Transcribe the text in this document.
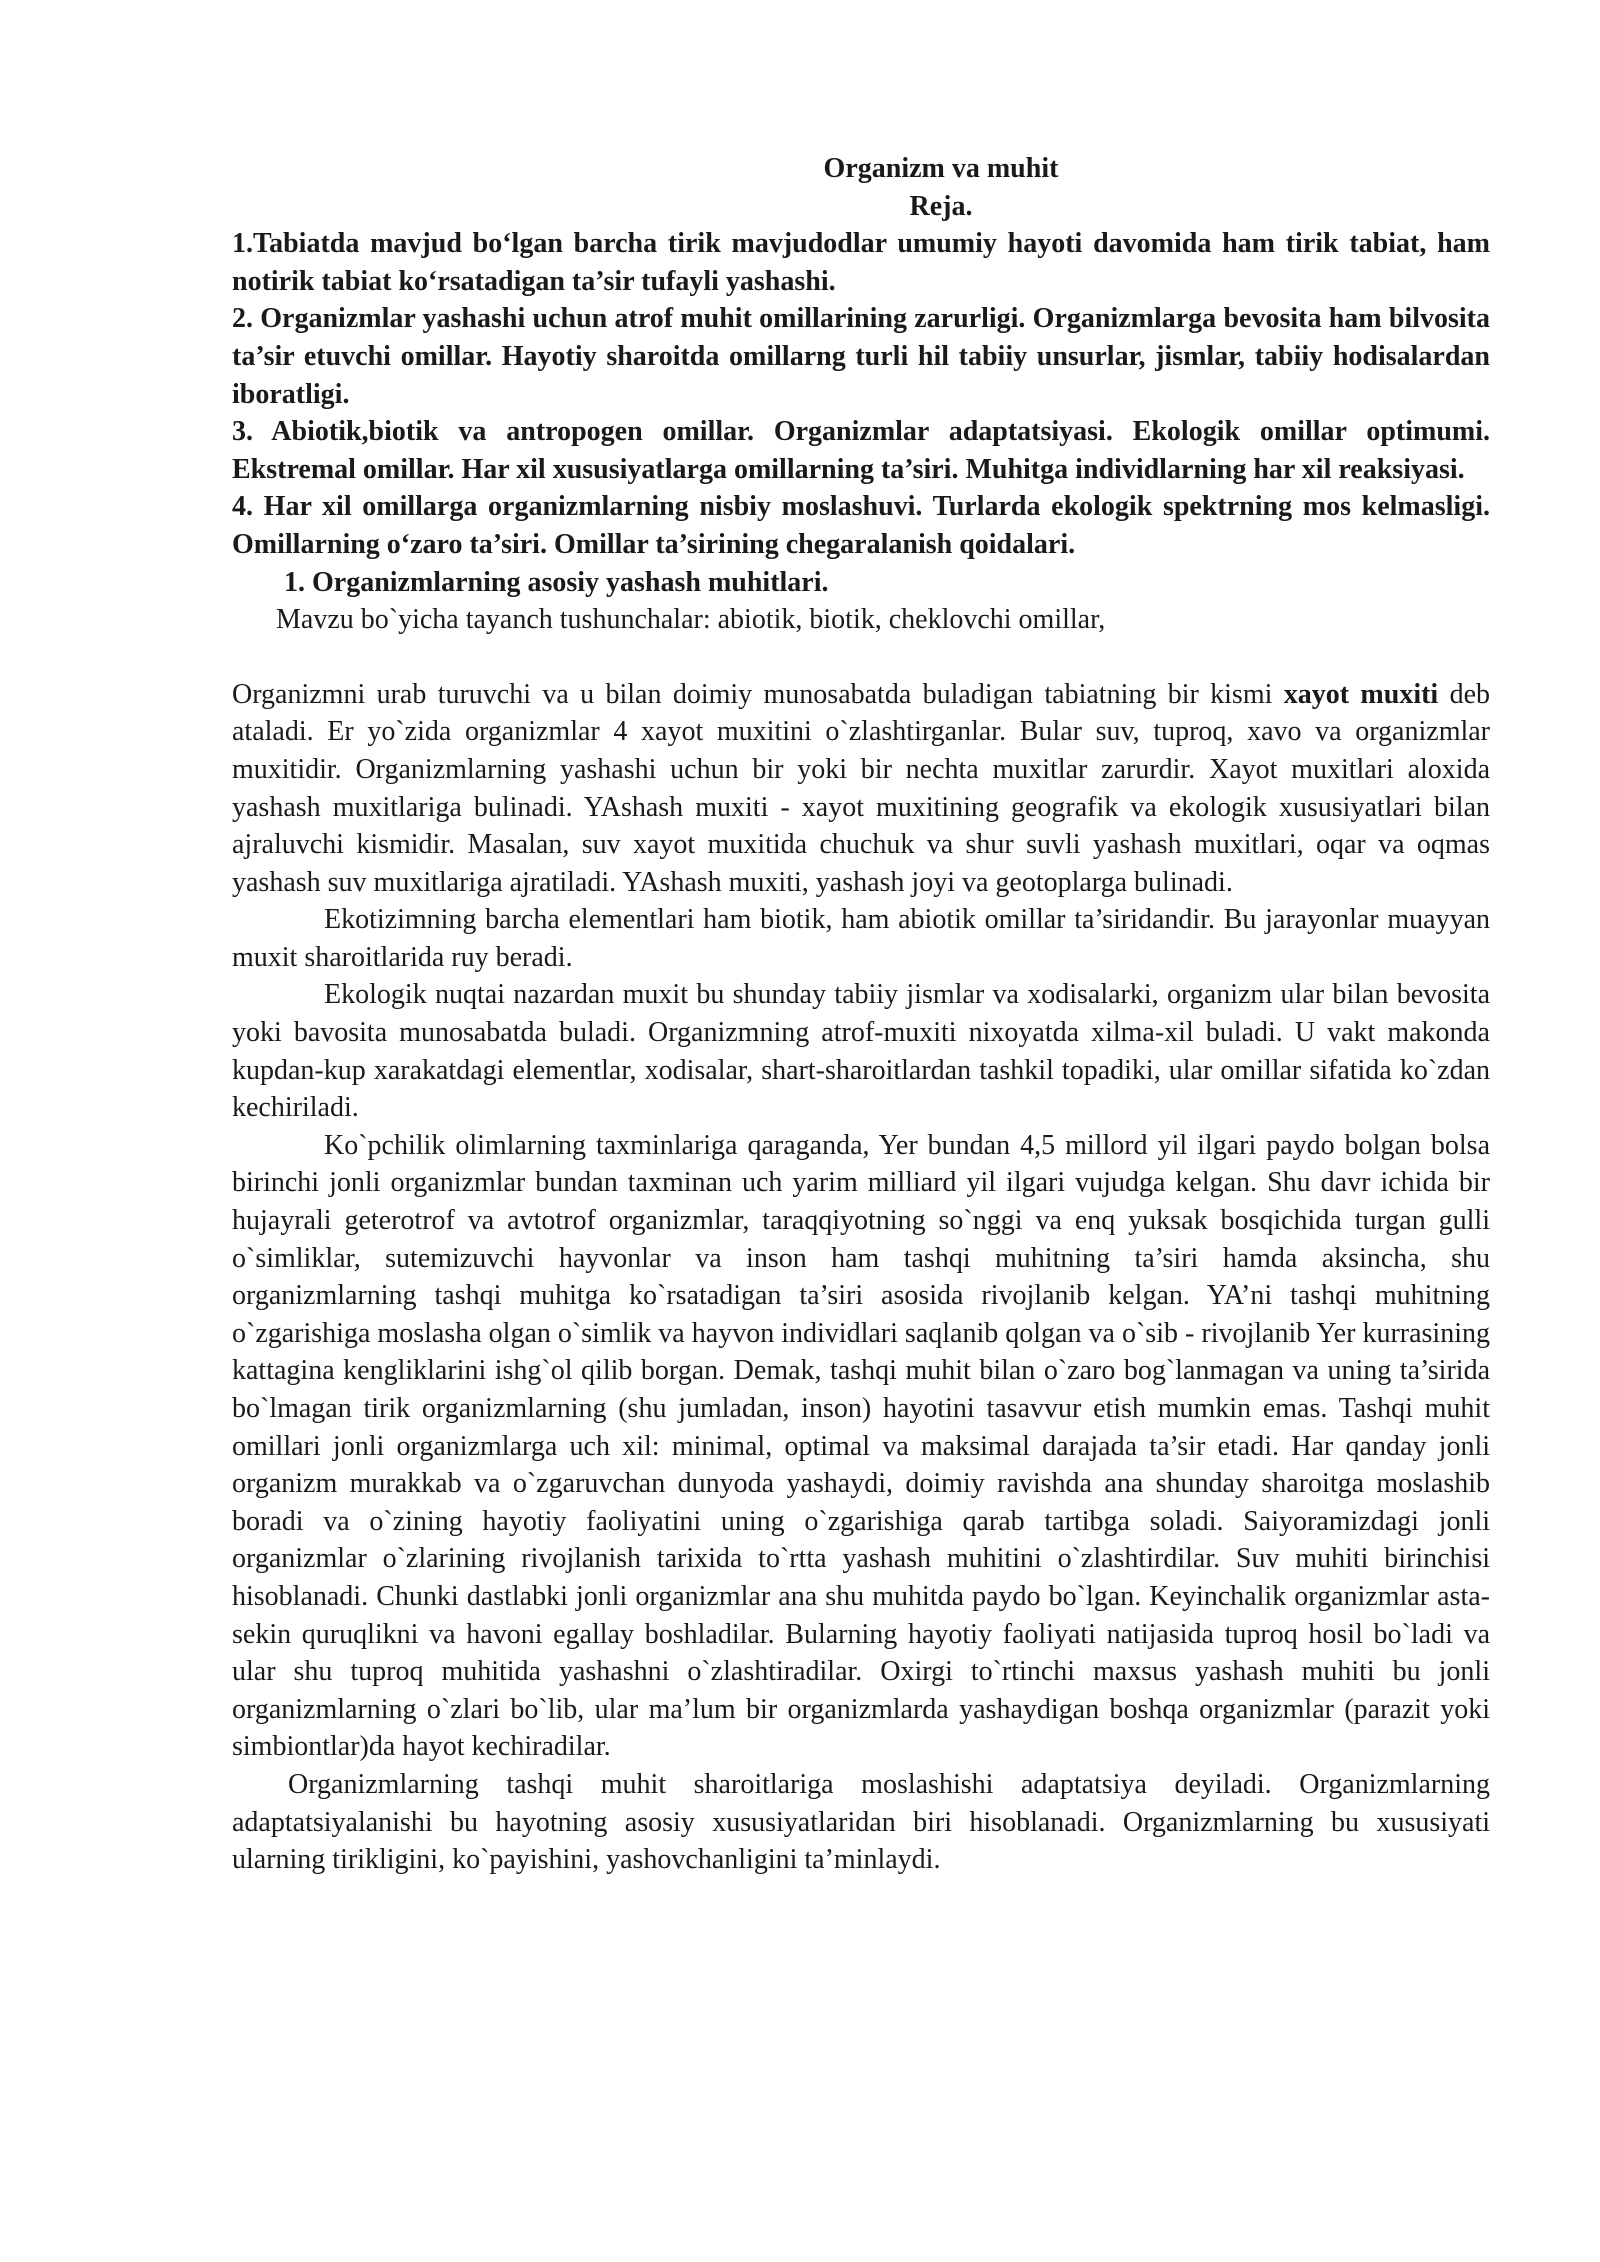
Organizm va muhit
Reja.

1.Tabiatda mavjud bo‘lgan barcha tirik mavjudodlar umumiy hayoti davomida ham tirik tabiat, ham notirik tabiat ko‘rsatadigan ta’sir tufayli yashashi.

2. Organizmlar yashashi uchun atrof muhit omillarining zarurligi. Organizmlarga bevosita ham bilvosita ta’sir etuvchi omillar. Hayotiy sharoitda omillarng turli hil tabiiy unsurlar, jismlar, tabiiy hodisalardan iboratligi.

3. Abiotik,biotik va antropogen omillar. Organizmlar adaptatsiyasi. Ekologik omillar optimumi. Ekstremal omillar. Har xil xususiyatlarga omillarning ta’siri. Muhitga individlarning har xil reaksiyasi.

4. Har xil omillarga organizmlarning nisbiy moslashuvi. Turlarda ekologik spektrning mos kelmasligi. Omillarning o‘zaro ta’siri. Omillar ta’sirining chegaralanish qoidalari.

1. Organizmlarning asosiy yashash muhitlari.

Mavzu bo`yicha tayanch tushunchalar: abiotik, biotik, cheklovchi omillar,

Organizmni urab turuvchi va u bilan doimiy munosabatda buladigan tabiatning bir kismi xayot muxiti deb ataladi. Er yo`zida organizmlar 4 xayot muxitini o`zlashtirganlar. Bular suv, tuproq, xavo va organizmlar muxitidir. Organizmlarning yashashi uchun bir yoki bir nechta muxitlar zarurdir. Xayot muxitlari aloxida yashash muxitlariga bulinadi. YAshash muxiti - xayot muxitining geografik va ekologik xususiyatlari bilan ajraluvchi kismidir. Masalan, suv xayot muxitida chuchuk va shur suvli yashash muxitlari, oqar va oqmas yashash suv muxitlariga ajratiladi. YAshash muxiti, yashash joyi va geotoplarga bulinadi.

Ekotizimning barcha elementlari ham biotik, ham abiotik omillar ta’siridandir. Bu jarayonlar muayyan muxit sharoitlarida ruy beradi.

Ekologik nuqtai nazardan muxit bu shunday tabiiy jismlar va xodisalarki, organizm ular bilan bevosita yoki bavosita munosabatda buladi. Organizmning atrof-muxiti nixoyatda xilma-xil buladi. U vakt makonda kupdan-kup xarakatdagi elementlar, xodisalar, shart-sharoitlardan tashkil topadiki, ular omillar sifatida ko`zdan kechiriladi.

Ko`pchilik olimlarning taxminlariga qaraganda, Yer bundan 4,5 millord yil ilgari paydo bolgan bolsa birinchi jonli organizmlar bundan taxminan uch yarim milliard yil ilgari vujudga kelgan. Shu davr ichida bir hujayrali geterotrof va avtotrof organizmlar, taraqqiyotning so`nggi va enq yuksak bosqichida turgan gulli o`simliklar, sutemizuvchi hayvonlar va inson ham tashqi muhitning ta’siri hamda aksincha, shu organizmlarning tashqi muhitga ko`rsatadigan ta’siri asosida rivojlanib kelgan. YA’ni tashqi muhitning o`zgarishiga moslasha olgan o`simlik va hayvon individlari saqlanib qolgan va o`sib - rivojlanib Yer kurrasining kattagina kengliklarini ishg`ol qilib borgan. Demak, tashqi muhit bilan o`zaro bog`lanmagan va uning ta’sirida bo`lmagan tirik organizmlarning (shu jumladan, inson) hayotini tasavvur etish mumkin emas. Tashqi muhit omillari jonli organizmlarga uch xil: minimal, optimal va maksimal darajada ta’sir etadi. Har qanday jonli organizm murakkab va o`zgaruvchan dunyoda yashaydi, doimiy ravishda ana shunday sharoitga moslashib boradi va o`zining hayotiy faoliyatini uning o`zgarishiga qarab tartibga soladi. Saiyoramizdagi jonli organizmlar o`zlarining rivojlanish tarixida to`rtta yashash muhitini o`zlashtirdilar. Suv muhiti birinchisi hisoblanadi. Chunki dastlabki jonli organizmlar ana shu muhitda paydo bo`lgan. Keyinchalik organizmlar asta-sekin quruqlikni va havoni egallay boshladilar. Bularning hayotiy faoliyati natijasida tuproq hosil bo`ladi va ular shu tuproq muhitida yashashni o`zlashtiradilar. Oxirgi to`rtinchi maxsus yashash muhiti bu jonli organizmlarning o`zlari bo`lib, ular ma’lum bir organizmlarda yashaydigan boshqa organizmlar (parazit yoki simbiontlar)da hayot kechiradilar.

Organizmlarning tashqi muhit sharoitlariga moslashishi adaptatsiya deyiladi. Organizmlarning adaptatsiyalanishi bu hayotning asosiy xususiyatlaridan biri hisoblanadi. Organizmlarning bu xususiyati ularning tirikligini, ko`payishini, yashovchanligini ta’minlaydi.
